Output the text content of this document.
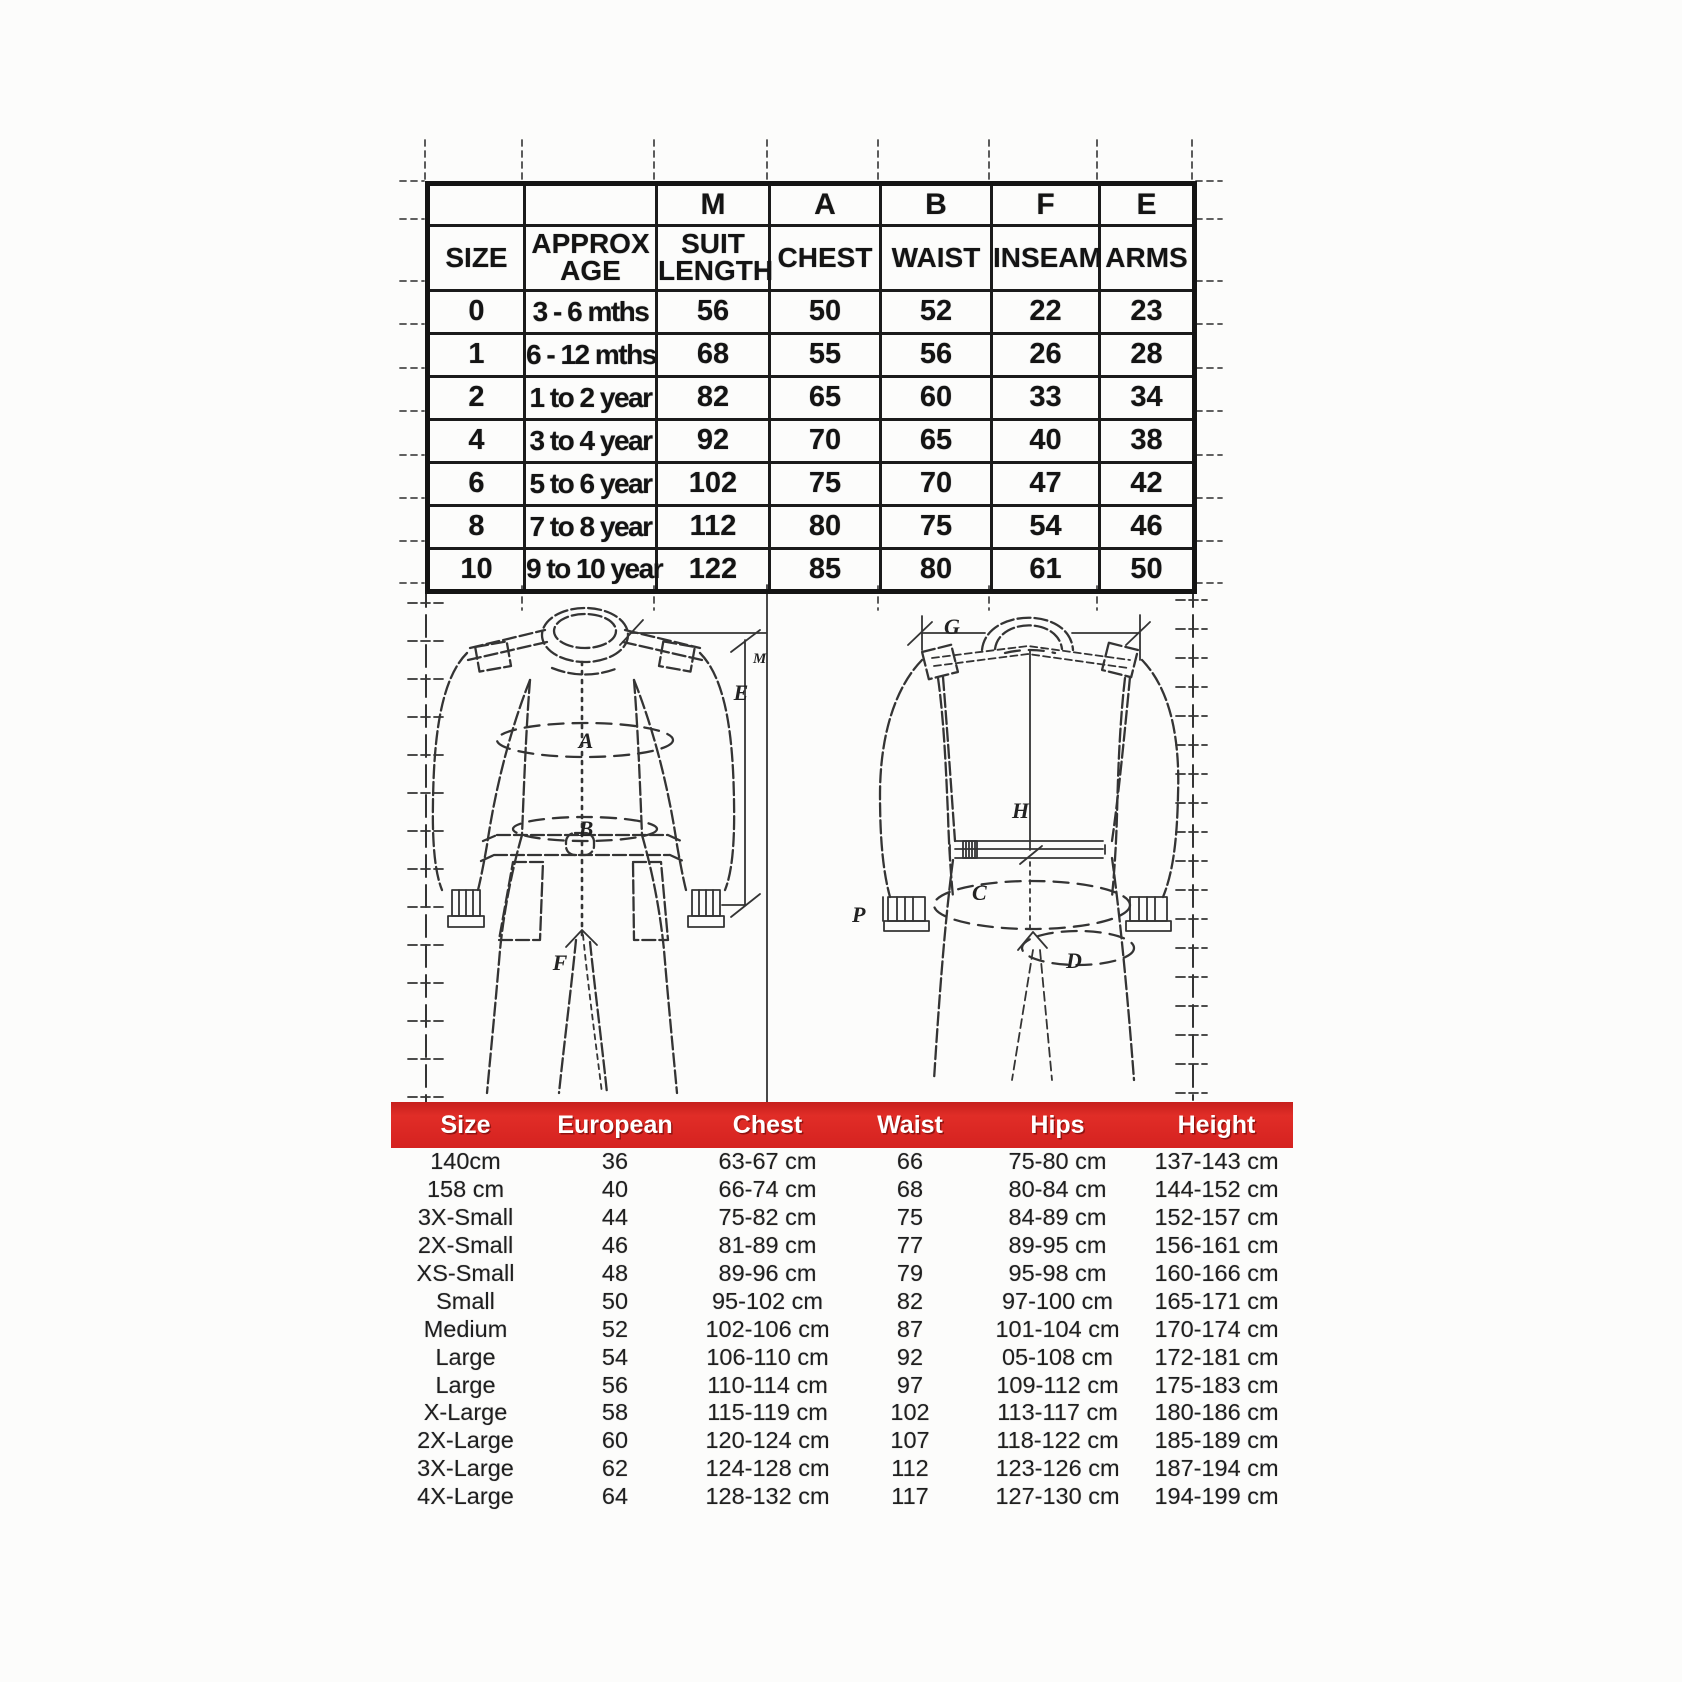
A
B
F
E
M
G
H
C
D
P
		M	A	B	F	E
SIZE	APPROX AGE	SUIT LENGTH	CHEST	WAIST	INSEAM	ARMS
0	3 - 6 mths	56	50	52	22	23
1	6 - 12 mths	68	55	56	26	28
2	1 to 2 year	82	65	60	33	34
4	3 to 4 year	92	70	65	40	38
6	5 to 6 year	102	75	70	47	42
8	7 to 8 year	112	80	75	54	46
10	9 to 10 year	122	85	80	61	50
Size	European	Chest	Waist	Hips	Height
140cm	36	63-67 cm	66	75-80 cm	137-143 cm
158 cm	40	66-74 cm	68	80-84 cm	144-152 cm
3X-Small	44	75-82 cm	75	84-89 cm	152-157 cm
2X-Small	46	81-89 cm	77	89-95 cm	156-161 cm
XS-Small	48	89-96 cm	79	95-98 cm	160-166 cm
Small	50	95-102 cm	82	97-100 cm	165-171 cm
Medium	52	102-106 cm	87	101-104 cm	170-174 cm
Large	54	106-110 cm	92	05-108 cm	172-181 cm
Large	56	110-114 cm	97	109-112 cm	175-183 cm
X-Large	58	115-119 cm	102	113-117 cm	180-186 cm
2X-Large	60	120-124 cm	107	118-122 cm	185-189 cm
3X-Large	62	124-128 cm	112	123-126 cm	187-194 cm
4X-Large	64	128-132 cm	117	127-130 cm	194-199 cm
